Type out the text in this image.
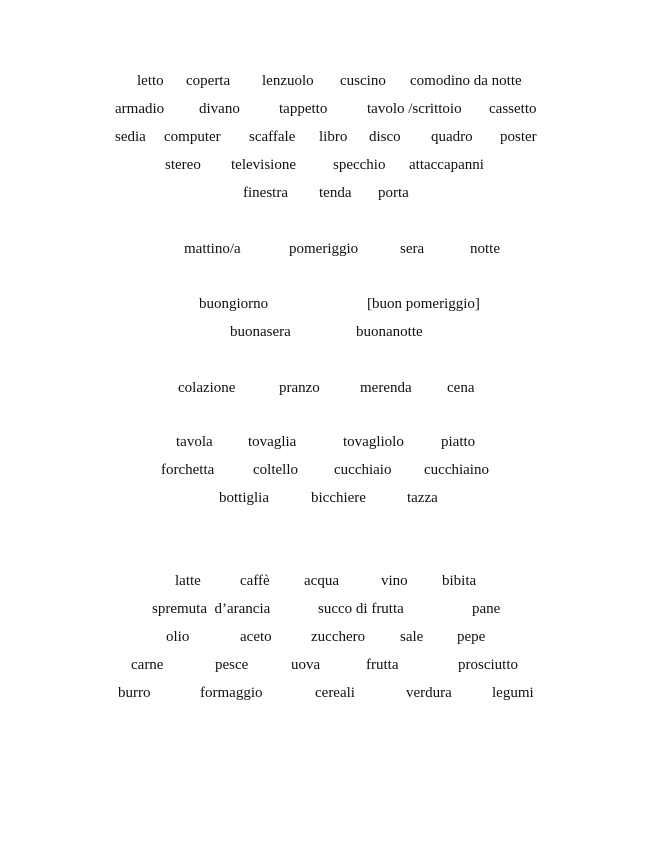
letto coperta lenzuolo cuscino comodino da notte
armadio divano	tappetto	tavolo /scrittoio cassetto
sedia computer scaffale libro disco quadro poster
stereo televisione specchio attaccapanni
finestra tenda porta
mattino/a	pomeriggio	sera	notte
buongiorno	[buon pomeriggio]
buonasera	buonanotte
colazione	pranzo	merenda cena
tavola tovaglia	tovagliolo piatto
forchetta	coltello cucchiaio cucchiaino
bottiglia	bicchiere	tazza
latte	caffè acqua	vino bibita
spremuta  d’arancia	succo di frutta	pane
olio	aceto	zucchero sale pepe
carne	pesce	uova	frutta	prosciutto
burro	formaggio	cereali	verdura	legumi
